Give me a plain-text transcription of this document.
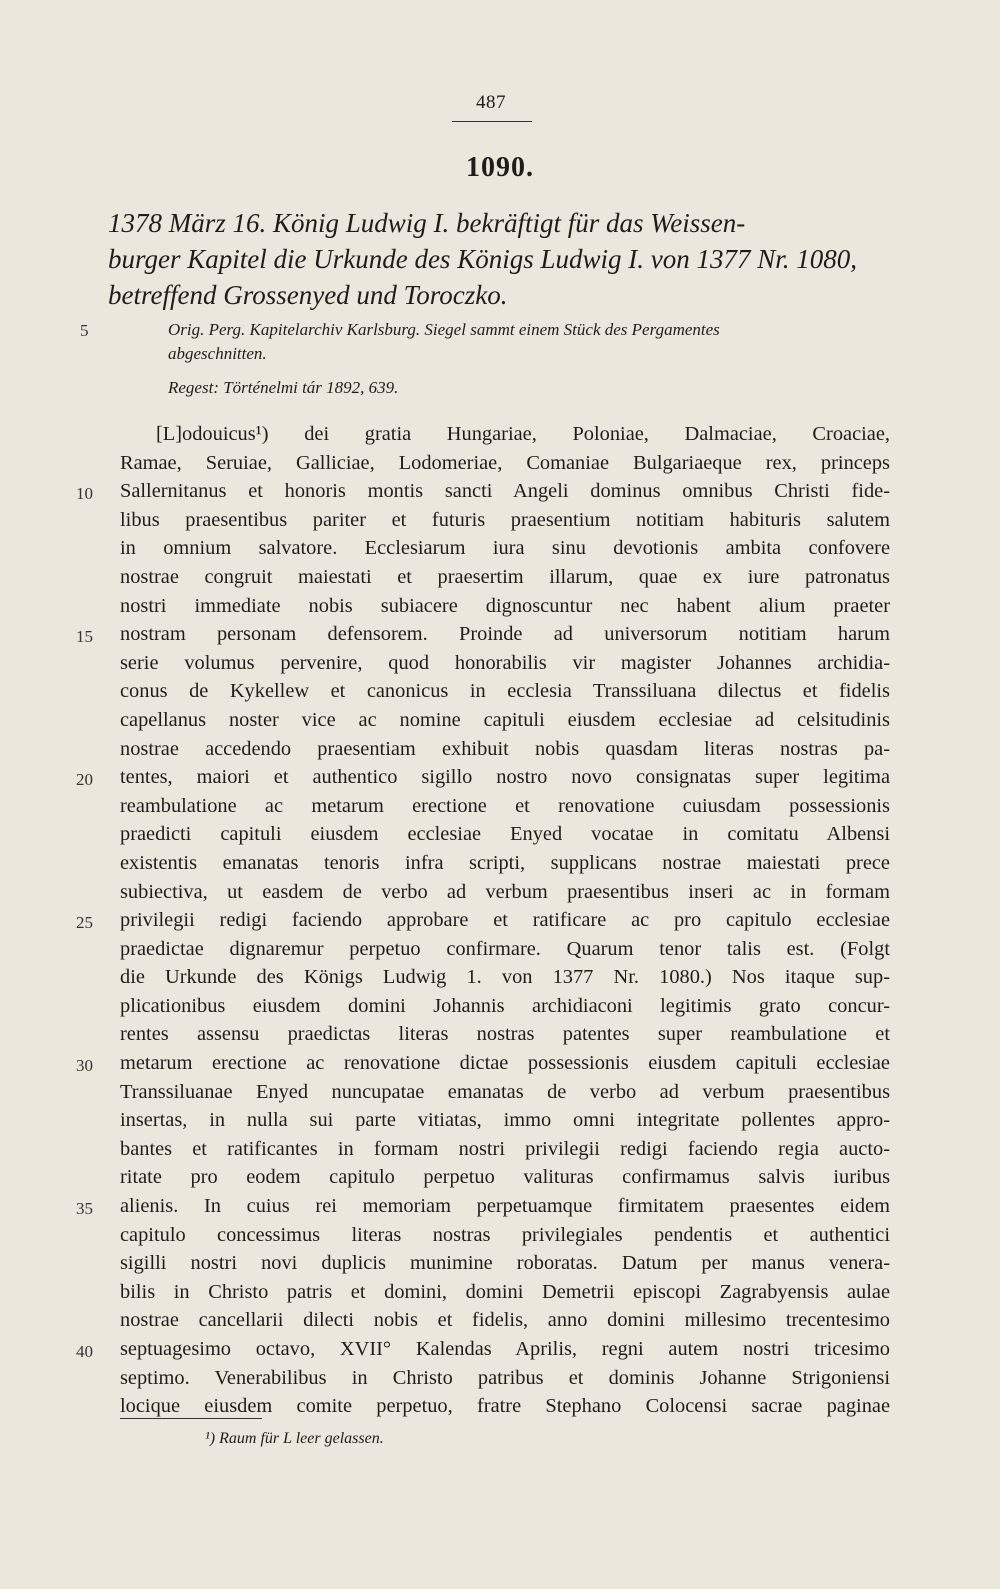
487
1090.
1378 März 16. König Ludwig I. bekräftigt für das Weissen-
burger Kapitel die Urkunde des Königs Ludwig I. von 1377 Nr. 1080,
betreffend Grossenyed und Toroczko.
Orig. Perg. Kapitelarchiv Karlsburg. Siegel sammt einem Stück des Pergamentes
abgeschnitten.
Regest: Történelmi tár 1892, 639.
5
10
15
20
25
30
35
40
[L]odouicus¹) dei gratia Hungariae, Poloniae, Dalmaciae, Croaciae,
Ramae, Seruiae, Galliciae, Lodomeriae, Comaniae Bulgariaeque rex, princeps
Sallernitanus et honoris montis sancti Angeli dominus omnibus Christi fide-
libus praesentibus pariter et futuris praesentium notitiam habituris salutem
in omnium salvatore. Ecclesiarum iura sinu devotionis ambita confovere
nostrae congruit maiestati et praesertim illarum, quae ex iure patronatus
nostri immediate nobis subiacere dignoscuntur nec habent alium praeter
nostram personam defensorem. Proinde ad universorum notitiam harum
serie volumus pervenire, quod honorabilis vir magister Johannes archidia-
conus de Kykellew et canonicus in ecclesia Transsiluana dilectus et fidelis
capellanus noster vice ac nomine capituli eiusdem ecclesiae ad celsitudinis
nostrae accedendo praesentiam exhibuit nobis quasdam literas nostras pa-
tentes, maiori et authentico sigillo nostro novo consignatas super legitima
reambulatione ac metarum erectione et renovatione cuiusdam possessionis
praedicti capituli eiusdem ecclesiae Enyed vocatae in comitatu Albensi
existentis emanatas tenoris infra scripti, supplicans nostrae maiestati prece
subiectiva, ut easdem de verbo ad verbum praesentibus inseri ac in formam
privilegii redigi faciendo approbare et ratificare ac pro capitulo ecclesiae
praedictae dignaremur perpetuo confirmare. Quarum tenor talis est. (Folgt
die Urkunde des Königs Ludwig 1. von 1377 Nr. 1080.) Nos itaque sup-
plicationibus eiusdem domini Johannis archidiaconi legitimis grato concur-
rentes assensu praedictas literas nostras patentes super reambulatione et
metarum erectione ac renovatione dictae possessionis eiusdem capituli ecclesiae
Transsiluanae Enyed nuncupatae emanatas de verbo ad verbum praesentibus
insertas, in nulla sui parte vitiatas, immo omni integritate pollentes appro-
bantes et ratificantes in formam nostri privilegii redigi faciendo regia aucto-
ritate pro eodem capitulo perpetuo valituras confirmamus salvis iuribus
alienis. In cuius rei memoriam perpetuamque firmitatem praesentes eidem
capitulo concessimus literas nostras privilegiales pendentis et authentici
sigilli nostri novi duplicis munimine roboratas. Datum per manus venera-
bilis in Christo patris et domini, domini Demetrii episcopi Zagrabyensis aulae
nostrae cancellarii dilecti nobis et fidelis, anno domini millesimo trecentesimo
septuagesimo octavo, XVII° Kalendas Aprilis, regni autem nostri tricesimo
septimo. Venerabilibus in Christo patribus et dominis Johanne Strigoniensi
locique eiusdem comite perpetuo, fratre Stephano Colocensi sacrae paginae
¹) Raum für L leer gelassen.
